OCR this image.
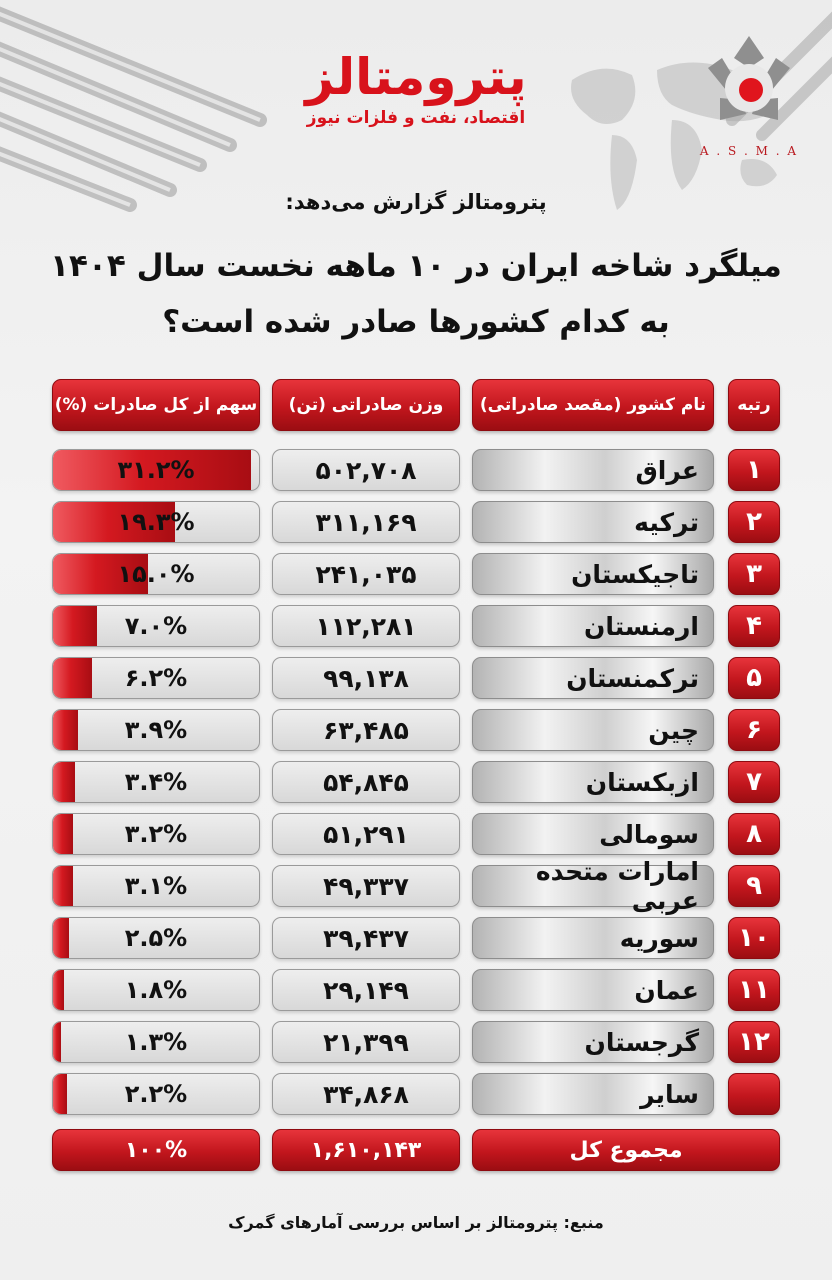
A . S . M . A
پترومتالز
اقتصاد، نفت و فلزات نیوز
پترومتالز گزارش می‌دهد:
میلگرد شاخه ایران در ۱۰ ماهه نخست سال ۱۴۰۴
به کدام کشورها صادر شده است؟
سهم از کل صادرات (%)	وزن صادراتی (تن)	نام کشور (مقصد صادراتی)	رتبه
۳۱.۲%	۵۰۲,۷۰۸	عراق	۱
۱۹.۳%	۳۱۱,۱۶۹	ترکیه	۲
۱۵.۰%	۲۴۱,۰۳۵	تاجیکستان	۳
۷.۰%	۱۱۲,۲۸۱	ارمنستان	۴
۶.۲%	۹۹,۱۳۸	ترکمنستان	۵
۳.۹%	۶۳,۴۸۵	چین	۶
۳.۴%	۵۴,۸۴۵	ازبکستان	۷
۳.۲%	۵۱,۲۹۱	سومالی	۸
۳.۱%	۴۹,۳۳۷	امارات متحده عربی	۹
۲.۵%	۳۹,۴۳۷	سوریه	۱۰
۱.۸%	۲۹,۱۴۹	عمان	۱۱
۱.۳%	۲۱,۳۹۹	گرجستان	۱۲
۲.۲%	۳۴,۸۶۸	سایر
۱۰۰%	۱,۶۱۰,۱۴۳	مجموع کل
منبع: پترومتالز بر اساس بررسی آمارهای گمرک
